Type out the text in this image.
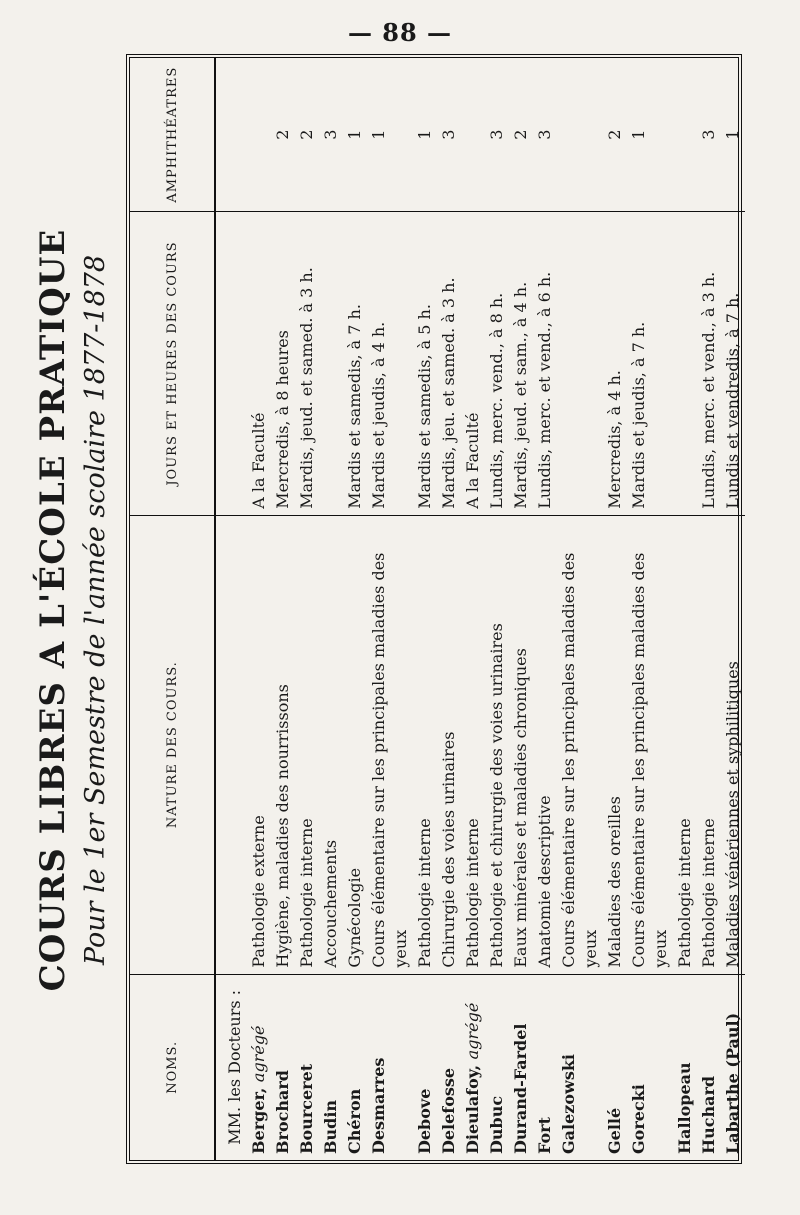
— 88 —
COURS LIBRES A L'ÉCOLE PRATIQUE Pour le 1er Semestre de l'année scolaire 1877-1878
NOMS.	NATURE DES COURS.	JOURS ET HEURES DES COURS	AMPHITHÉATRES
MM. les Docteurs :			
Berger, agrégé	Pathologie externe	A la Faculté	
Brochard	Hygiène, maladies des nourrissons	Mercredis, à 8 heures	2
Bourceret	Pathologie interne	Mardis, jeud. et samed. à 3 h.	2
Budin	Accouchements		3
Chéron	Gynécologie	Mardis et samedis, à 7 h.	1
Desmarres	Cours élémentaire sur les principales maladies des yeux	Mardis et jeudis, à 4 h.	1
Debove	Pathologie interne	Mardis et samedis, à 5 h.	1
Delefosse	Chirurgie des voies urinaires	Mardis, jeu. et samed. à 3 h.	3
Dieulafoy, agrégé	Pathologie interne	A la Faculté	
Dubuc	Pathologie et chirurgie des voies urinaires	Lundis, merc. vend., à 8 h.	3
Durand-Fardel	Eaux minérales et maladies chroniques	Mardis, jeud. et sam., à 4 h.	2
Fort	Anatomie descriptive	Lundis, merc. et vend., à 6 h.	3
Galezowski	Cours élémentaire sur les principales maladies des yeux		
Gellé	Maladies des oreilles	Mercredis, à 4 h.	2
Gorecki	Cours élémentaire sur les principales maladies des yeux	Mardis et jeudis, à 7 h.	1
Hallopeau	Pathologie interne		
Huchard	Pathologie interne	Lundis, merc. et vend., à 3 h.	3
Labarthe (Paul)	Maladies vénériennes et syphilitiques	Lundis et vendredis, à 7 h.	1
